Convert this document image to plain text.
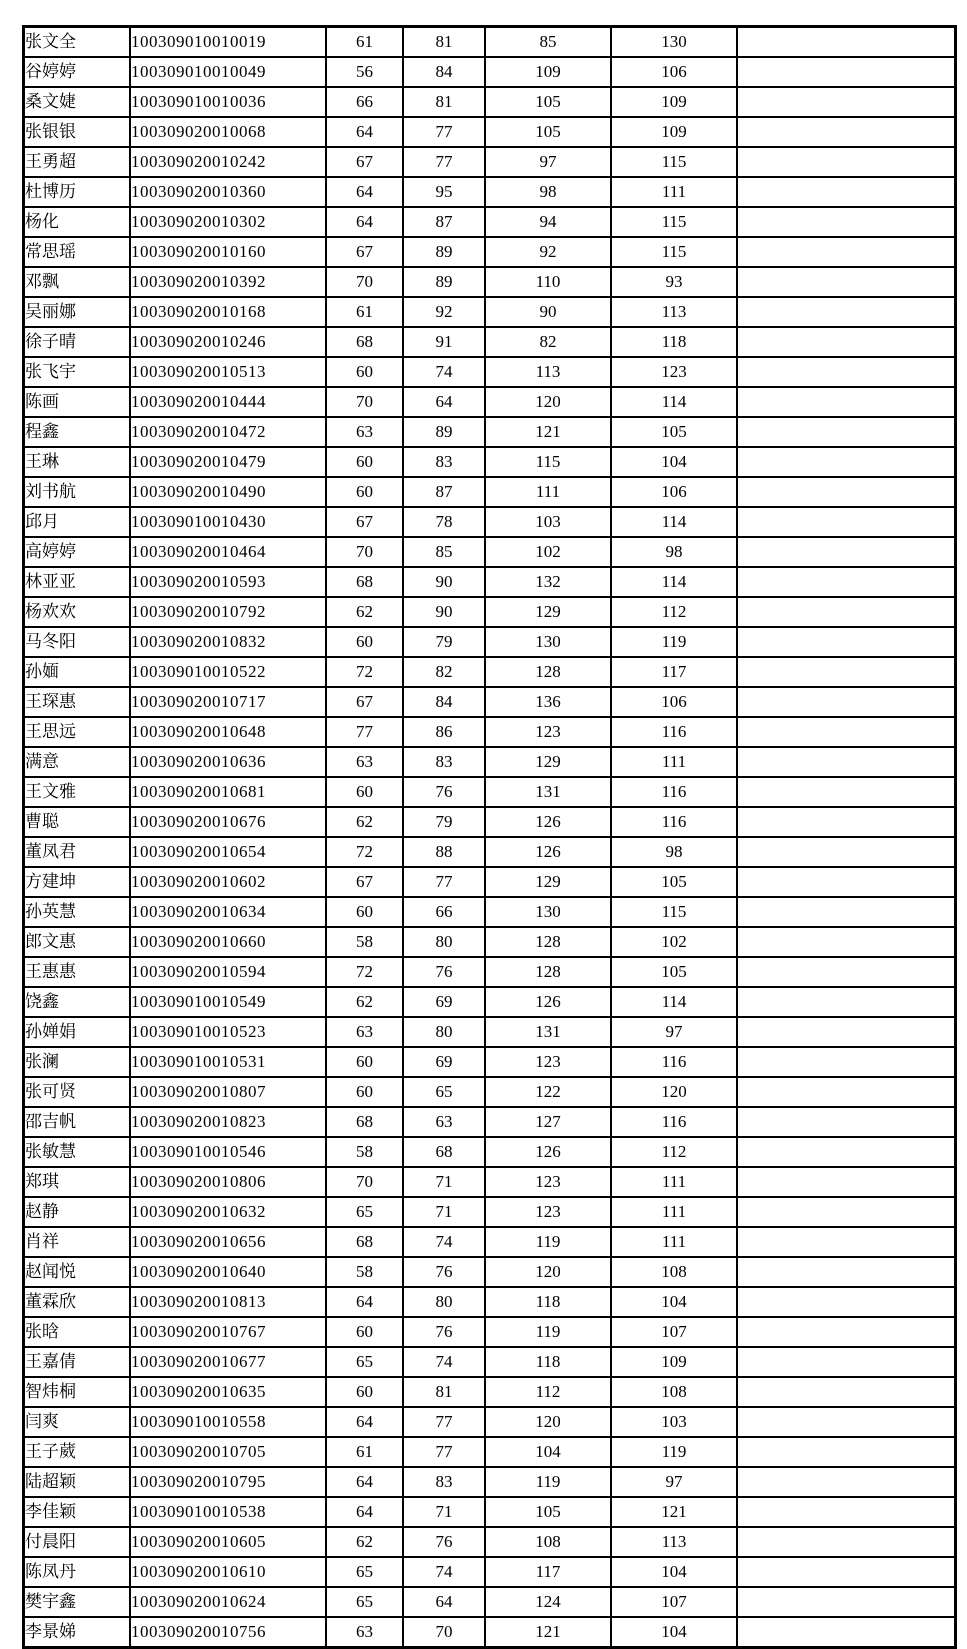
张文全	100309010010019	61	81	85	130	
谷婷婷	100309010010049	56	84	109	106	
桑文婕	100309010010036	66	81	105	109	
张银银	100309020010068	64	77	105	109	
王勇超	100309020010242	67	77	97	115	
杜博历	100309020010360	64	95	98	111	
杨化	100309020010302	64	87	94	115	
常思瑶	100309020010160	67	89	92	115	
邓飘	100309020010392	70	89	110	93	
吴丽娜	100309020010168	61	92	90	113	
徐子晴	100309020010246	68	91	82	118	
张飞宇	100309020010513	60	74	113	123	
陈画	100309020010444	70	64	120	114	
程鑫	100309020010472	63	89	121	105	
王琳	100309020010479	60	83	115	104	
刘书航	100309020010490	60	87	111	106	
邱月	100309010010430	67	78	103	114	
高婷婷	100309020010464	70	85	102	98	
林亚亚	100309020010593	68	90	132	114	
杨欢欢	100309020010792	62	90	129	112	
马冬阳	100309020010832	60	79	130	119	
孙媔	100309010010522	72	82	128	117	
王琛惠	100309020010717	67	84	136	106	
王思远	100309020010648	77	86	123	116	
满意	100309020010636	63	83	129	111	
王文雅	100309020010681	60	76	131	116	
曹聪	100309020010676	62	79	126	116	
董凤君	100309020010654	72	88	126	98	
方建坤	100309020010602	67	77	129	105	
孙英慧	100309020010634	60	66	130	115	
郎文惠	100309020010660	58	80	128	102	
王惠惠	100309020010594	72	76	128	105	
饶鑫	100309010010549	62	69	126	114	
孙婵娟	100309010010523	63	80	131	97	
张澜	100309010010531	60	69	123	116	
张可贤	100309020010807	60	65	122	120	
邵吉帆	100309020010823	68	63	127	116	
张敏慧	100309010010546	58	68	126	112	
郑琪	100309020010806	70	71	123	111	
赵静	100309020010632	65	71	123	111	
肖祥	100309020010656	68	74	119	111	
赵闻悦	100309020010640	58	76	120	108	
董霖欣	100309020010813	64	80	118	104	
张晗	100309020010767	60	76	119	107	
王嘉倩	100309020010677	65	74	118	109	
智炜桐	100309020010635	60	81	112	108	
闫爽	100309010010558	64	77	120	103	
王子葳	100309020010705	61	77	104	119	
陆超颖	100309020010795	64	83	119	97	
李佳颖	100309010010538	64	71	105	121	
付晨阳	100309020010605	62	76	108	113	
陈凤丹	100309020010610	65	74	117	104	
樊宇鑫	100309020010624	65	64	124	107	
李景娣	100309020010756	63	70	121	104	
